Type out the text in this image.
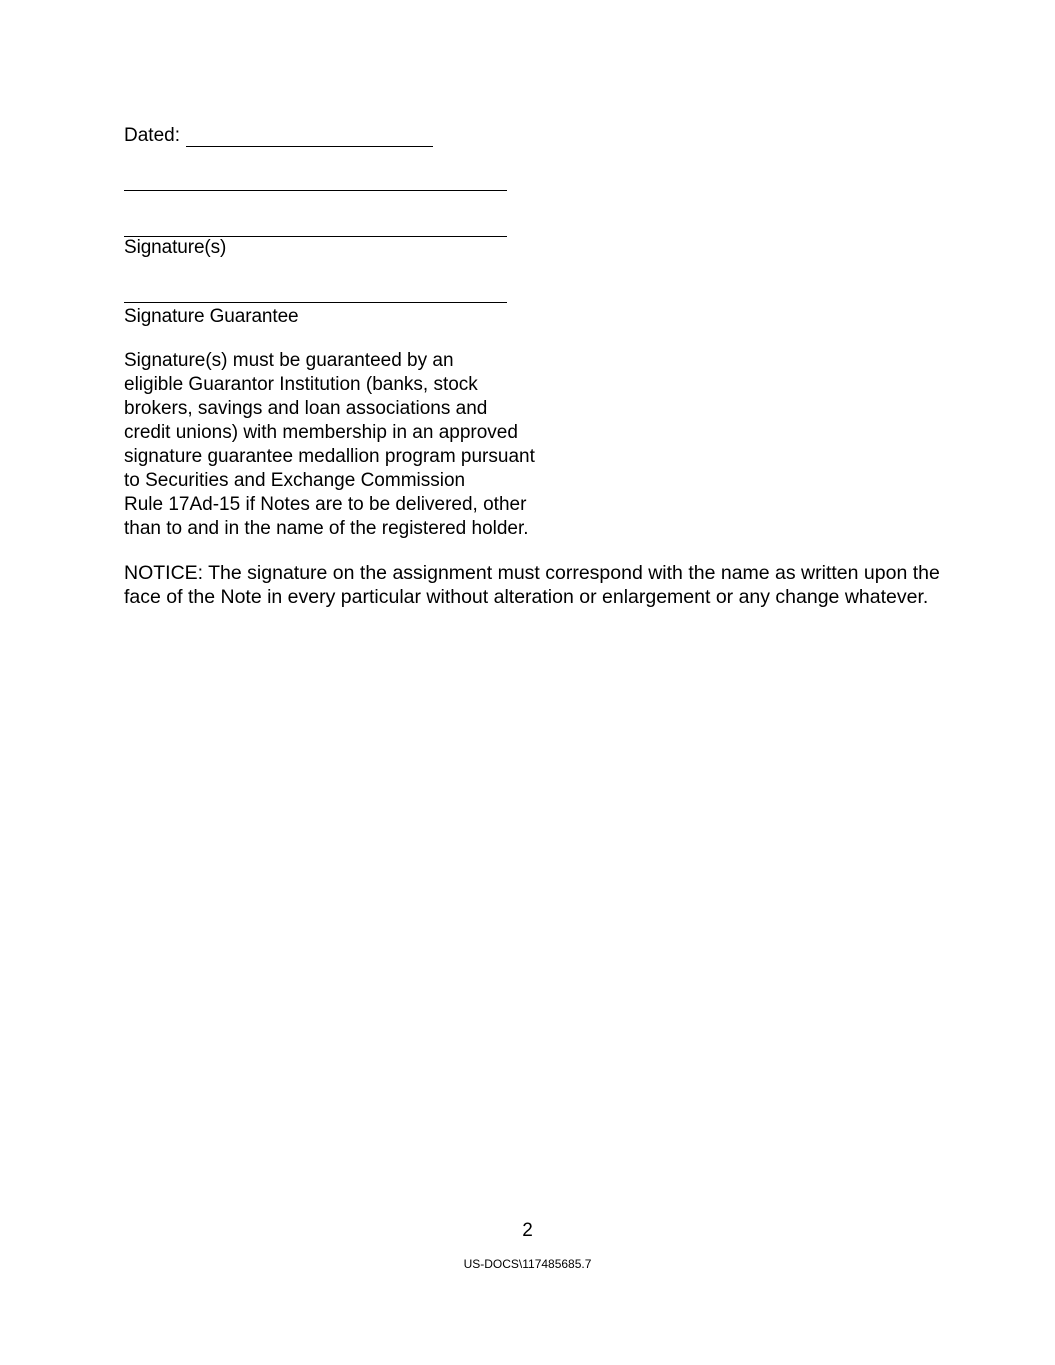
Dated:
Signature(s)
Signature Guarantee
Signature(s) must be guaranteed by an
eligible Guarantor Institution (banks, stock
brokers, savings and loan associations and
credit unions) with membership in an approved
signature guarantee medallion program pursuant
to Securities and Exchange Commission
Rule 17Ad-15 if Notes are to be delivered, other
than to and in the name of the registered holder.
NOTICE: The signature on the assignment must correspond with the name as written upon the
face of the Note in every particular without alteration or enlargement or any change whatever.
2
US-DOCS\117485685.7
